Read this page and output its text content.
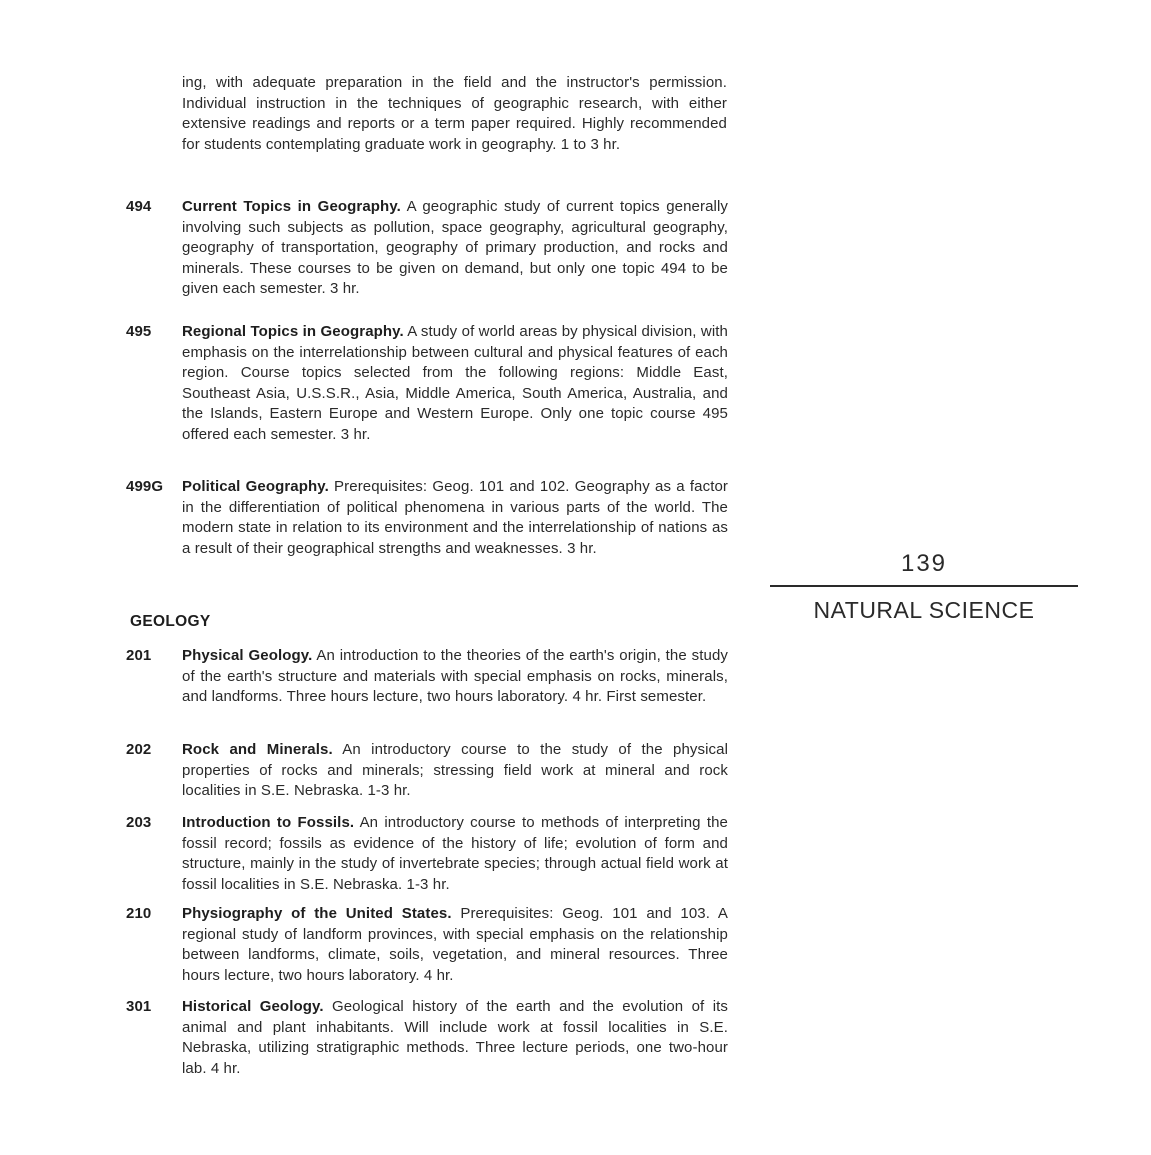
ing, with adequate preparation in the field and the instructor's permission. Individual instruction in the techniques of geographic research, with either extensive readings and reports or a term paper required. Highly recommended for students contemplating graduate work in geography. 1 to 3 hr.

494 Current Topics in Geography. A geographic study of current topics generally involving such subjects as pollution, space geography, agricultural geography, geography of transportation, geography of primary production, and rocks and minerals. These courses to be given on demand, but only one topic 494 to be given each semester. 3 hr.
495 Regional Topics in Geography. A study of world areas by physical division, with emphasis on the interrelationship between cultural and physical features of each region. Course topics selected from the following regions: Middle East, Southeast Asia, U.S.S.R., Asia, Middle America, South America, Australia, and the Islands, Eastern Europe and Western Europe. Only one topic course 495 offered each semester. 3 hr.
499G Political Geography. Prerequisites: Geog. 101 and 102. Geography as a factor in the differentiation of political phenomena in various parts of the world. The modern state in relation to its environment and the interrelationship of nations as a result of their geographical strengths and weaknesses. 3 hr.
GEOLOGY
201 Physical Geology. An introduction to the theories of the earth's origin, the study of the earth's structure and materials with special emphasis on rocks, minerals, and landforms. Three hours lecture, two hours laboratory. 4 hr. First semester.
202 Rock and Minerals. An introductory course to the study of the physical properties of rocks and minerals; stressing field work at mineral and rock localities in S.E. Nebraska. 1-3 hr.
203 Introduction to Fossils. An introductory course to methods of interpreting the fossil record; fossils as evidence of the history of life; evolution of form and structure, mainly in the study of invertebrate species; through actual field work at fossil localities in S.E. Nebraska. 1-3 hr.
210 Physiography of the United States. Prerequisites: Geog. 101 and 103. A regional study of landform provinces, with special emphasis on the relationship between landforms, climate, soils, vegetation, and mineral resources. Three hours lecture, two hours laboratory. 4 hr.
301 Historical Geology. Geological history of the earth and the evolution of its animal and plant inhabitants. Will include work at fossil localities in S.E. Nebraska, utilizing stratigraphic methods. Three lecture periods, one two-hour lab. 4 hr.
139
NATURAL SCIENCE
